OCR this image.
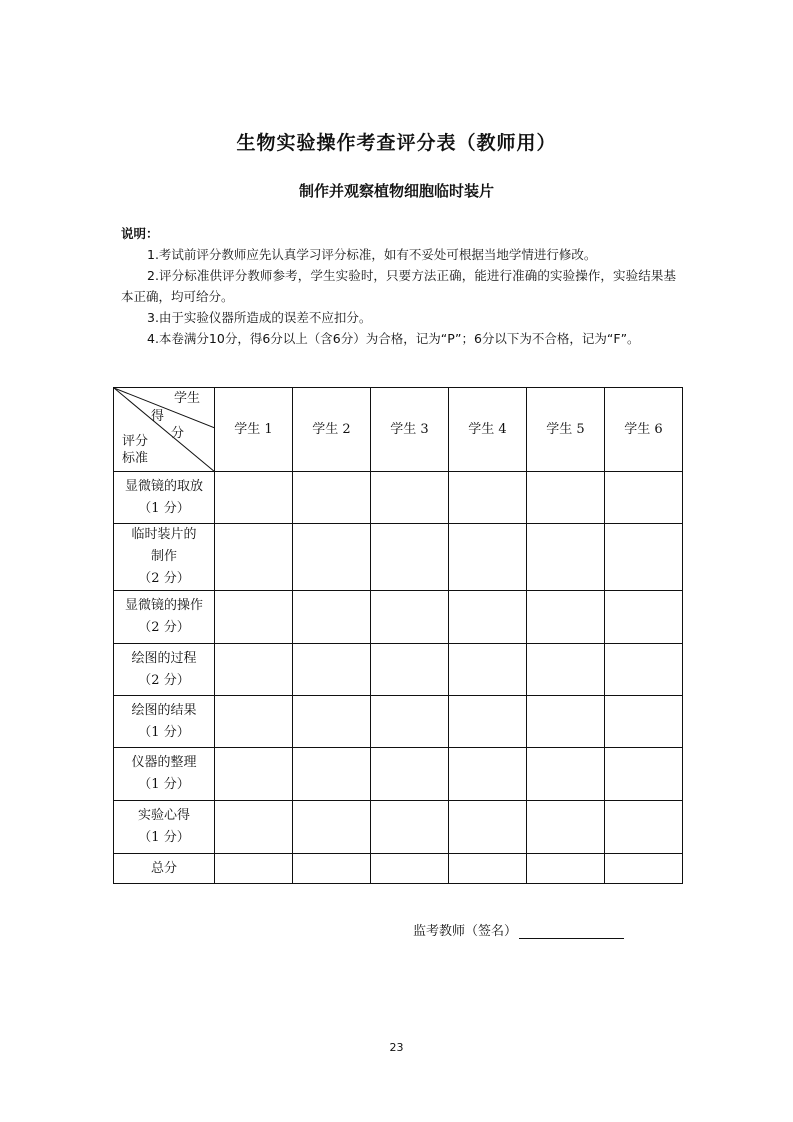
生物实验操作考查评分表（教师用）
制作并观察植物细胞临时装片
说明：
1.考试前评分教师应先认真学习评分标准，如有不妥处可根据当地学情进行修改。
2.评分标准供评分教师参考，学生实验时，只要方法正确，能进行准确的实验操作，实验结果基本正确，均可给分。
3.由于实验仪器所造成的误差不应扣分。
4.本卷满分10分，得6分以上（含6分）为合格，记为“P”；6分以下为不合格，记为“F”。
学生
得
分
评分
标准	学生 1	学生 2	学生 3	学生 4	学生 5	学生 6

显微镜的取放
（1 分）						

临时装片的
制作
（2 分）						

显微镜的操作
（2 分）						

绘图的过程
（2 分）						

绘图的结果
（1 分）						

仪器的整理
（1 分）						

实验心得
（1 分）						

总分						

监考教师（签名）
23
